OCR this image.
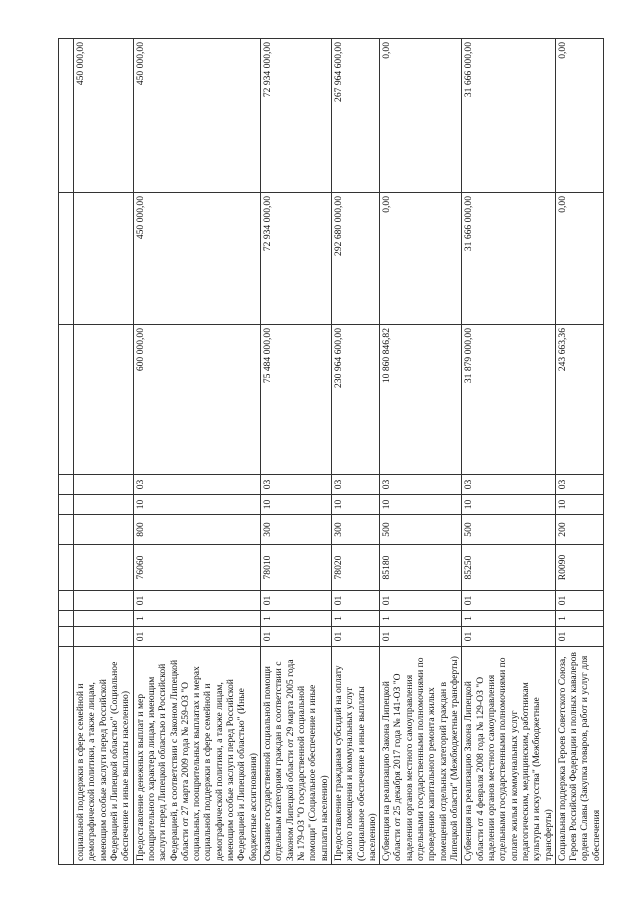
социальной поддержки в сфере семейной и демографической политики, а также лицам, имеющим особые заслуги перед Российской Федерацией и Липецкой областью" (Социальное обеспечение и иные выплаты населению)										450 000,00
Предоставление денежных выплат и мер поощрительного характера лицам, имеющим заслуги перед Липецкой областью и Российской Федерацией, в соответствии с Законом Липецкой области от 27 марта 2009 года № 259-ОЗ "О социальных, поощрительных выплатах и мерах социальной поддержки в сфере семейной и демографической политики, а также лицам, имеющим особые заслуги перед Российской Федерацией и Липецкой областью" (Иные бюджетные ассигнования)	01	1	01	76060	800	10	03	600 000,00	450 000,00	450 000,00
Оказание государственной социальной помощи отдельным категориям граждан в соответствии с Законом Липецкой области от 29 марта 2005 года № 179-ОЗ "О государственной социальной помощи" (Социальное обеспечение и иные выплаты населению)	01	1	01	78010	300	10	03	75 484 000,00	72 934 000,00	72 934 000,00
Предоставление гражданам субсидий на оплату жилого помещения и коммунальных услуг (Социальное обеспечение и иные выплаты населению)	01	1	01	78020	300	10	03	230 964 600,00	292 680 000,00	267 964 600,00
Субвенция на реализацию Закона Липецкой области от 25 декабря 2017 года № 141-ОЗ "О наделении органов местного самоуправления отдельными государственными полномочиями по проведению капитального ремонта жилых помещений отдельных категорий граждан в Липецкой области" (Межбюджетные трансферты)	01	1	01	85180	500	10	03	10 860 846,82	0,00	0,00
Субвенция на реализацию Закона Липецкой области от 4 февраля 2008 года № 129-ОЗ "О наделении органов местного самоуправления отдельными государственными полномочиями по оплате жилья и коммунальных услуг педагогическим, медицинским, работникам культуры и искусства" (Межбюджетные трансферты)	01	1	01	85250	500	10	03	31 879 000,00	31 666 000,00	31 666 000,00
Социальная поддержка Героев Советского Союза, Героев Российской Федерации и полных кавалеров ордена Славы (Закупка товаров, работ и услуг для обеспечения	01	1	01	R0090	200	10	03	243 663,36	0,00	0,00
